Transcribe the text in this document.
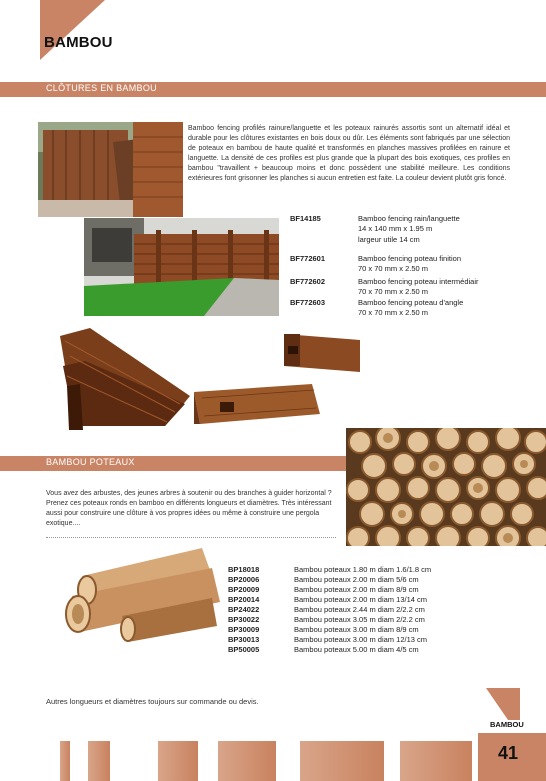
BAMBOU
CLÔTURES EN BAMBOU
Bamboo fencing profilés rainure/languette et les poteaux rainurés assortis sont un alternatif idéal et durable pour les clôtures existantes en bois doux ou dûr. Les éléments sont fabriqués par une sélection de poteaux en bambou de haute qualité et transformés en planches massives profilées en rainure et languette. La densité de ces profiles est plus grande que la plupart des bois exotiques, ces profiles en bambou "travaillent + beaucoup moins et donc possèdent une stabilité meilleure. Les conditions extérieures font grisonner les planches si aucun entretien est faite. La couleur devient plutôt gris foncé.
BF14185	Bamboo fencing rain/languette
14 x 140 mm x 1.95 m
largeur utile 14 cm
BF772601	Bamboo fencing poteau finition
70 x 70 mm x 2.50 m
BF772602	Bamboo fencing poteau intermédiair
70 x 70 mm x 2.50 m
BF772603	Bamboo fencing poteau d'angle
70 x 70 mm x 2.50 m
BAMBOU POTEAUX
Vous avez des arbustes, des jeunes arbres à soutenir ou des branches à guider horizontal ? Prenez ces poteaux ronds en bamboo en différents longueurs et diamètres. Très intéressant aussi pour construire une clôture à vos propres idées ou même à construire une pergola exotique....
BP18018	Bambou poteaux 1.80 m diam 1.6/1.8 cm
BP20006	Bambou poteaux 2.00 m diam 5/6 cm
BP20009	Bambou poteaux 2.00 m diam 8/9 cm
BP20014	Bambou poteaux 2.00 m diam 13/14 cm
BP24022	Bambou poteaux 2.44 m diam 2/2.2 cm
BP30022	Bambou poteaux 3.05 m diam 2/2.2 cm
BP30009	Bambou poteaux 3.00 m diam 8/9 cm
BP30013	Bambou poteaux 3.00 m diam 12/13 cm
BP50005	Bambou poteaux 5.00 m diam 4/5 cm
Autres longueurs et diamètres toujours sur commande ou devis.
BAMBOU
41
